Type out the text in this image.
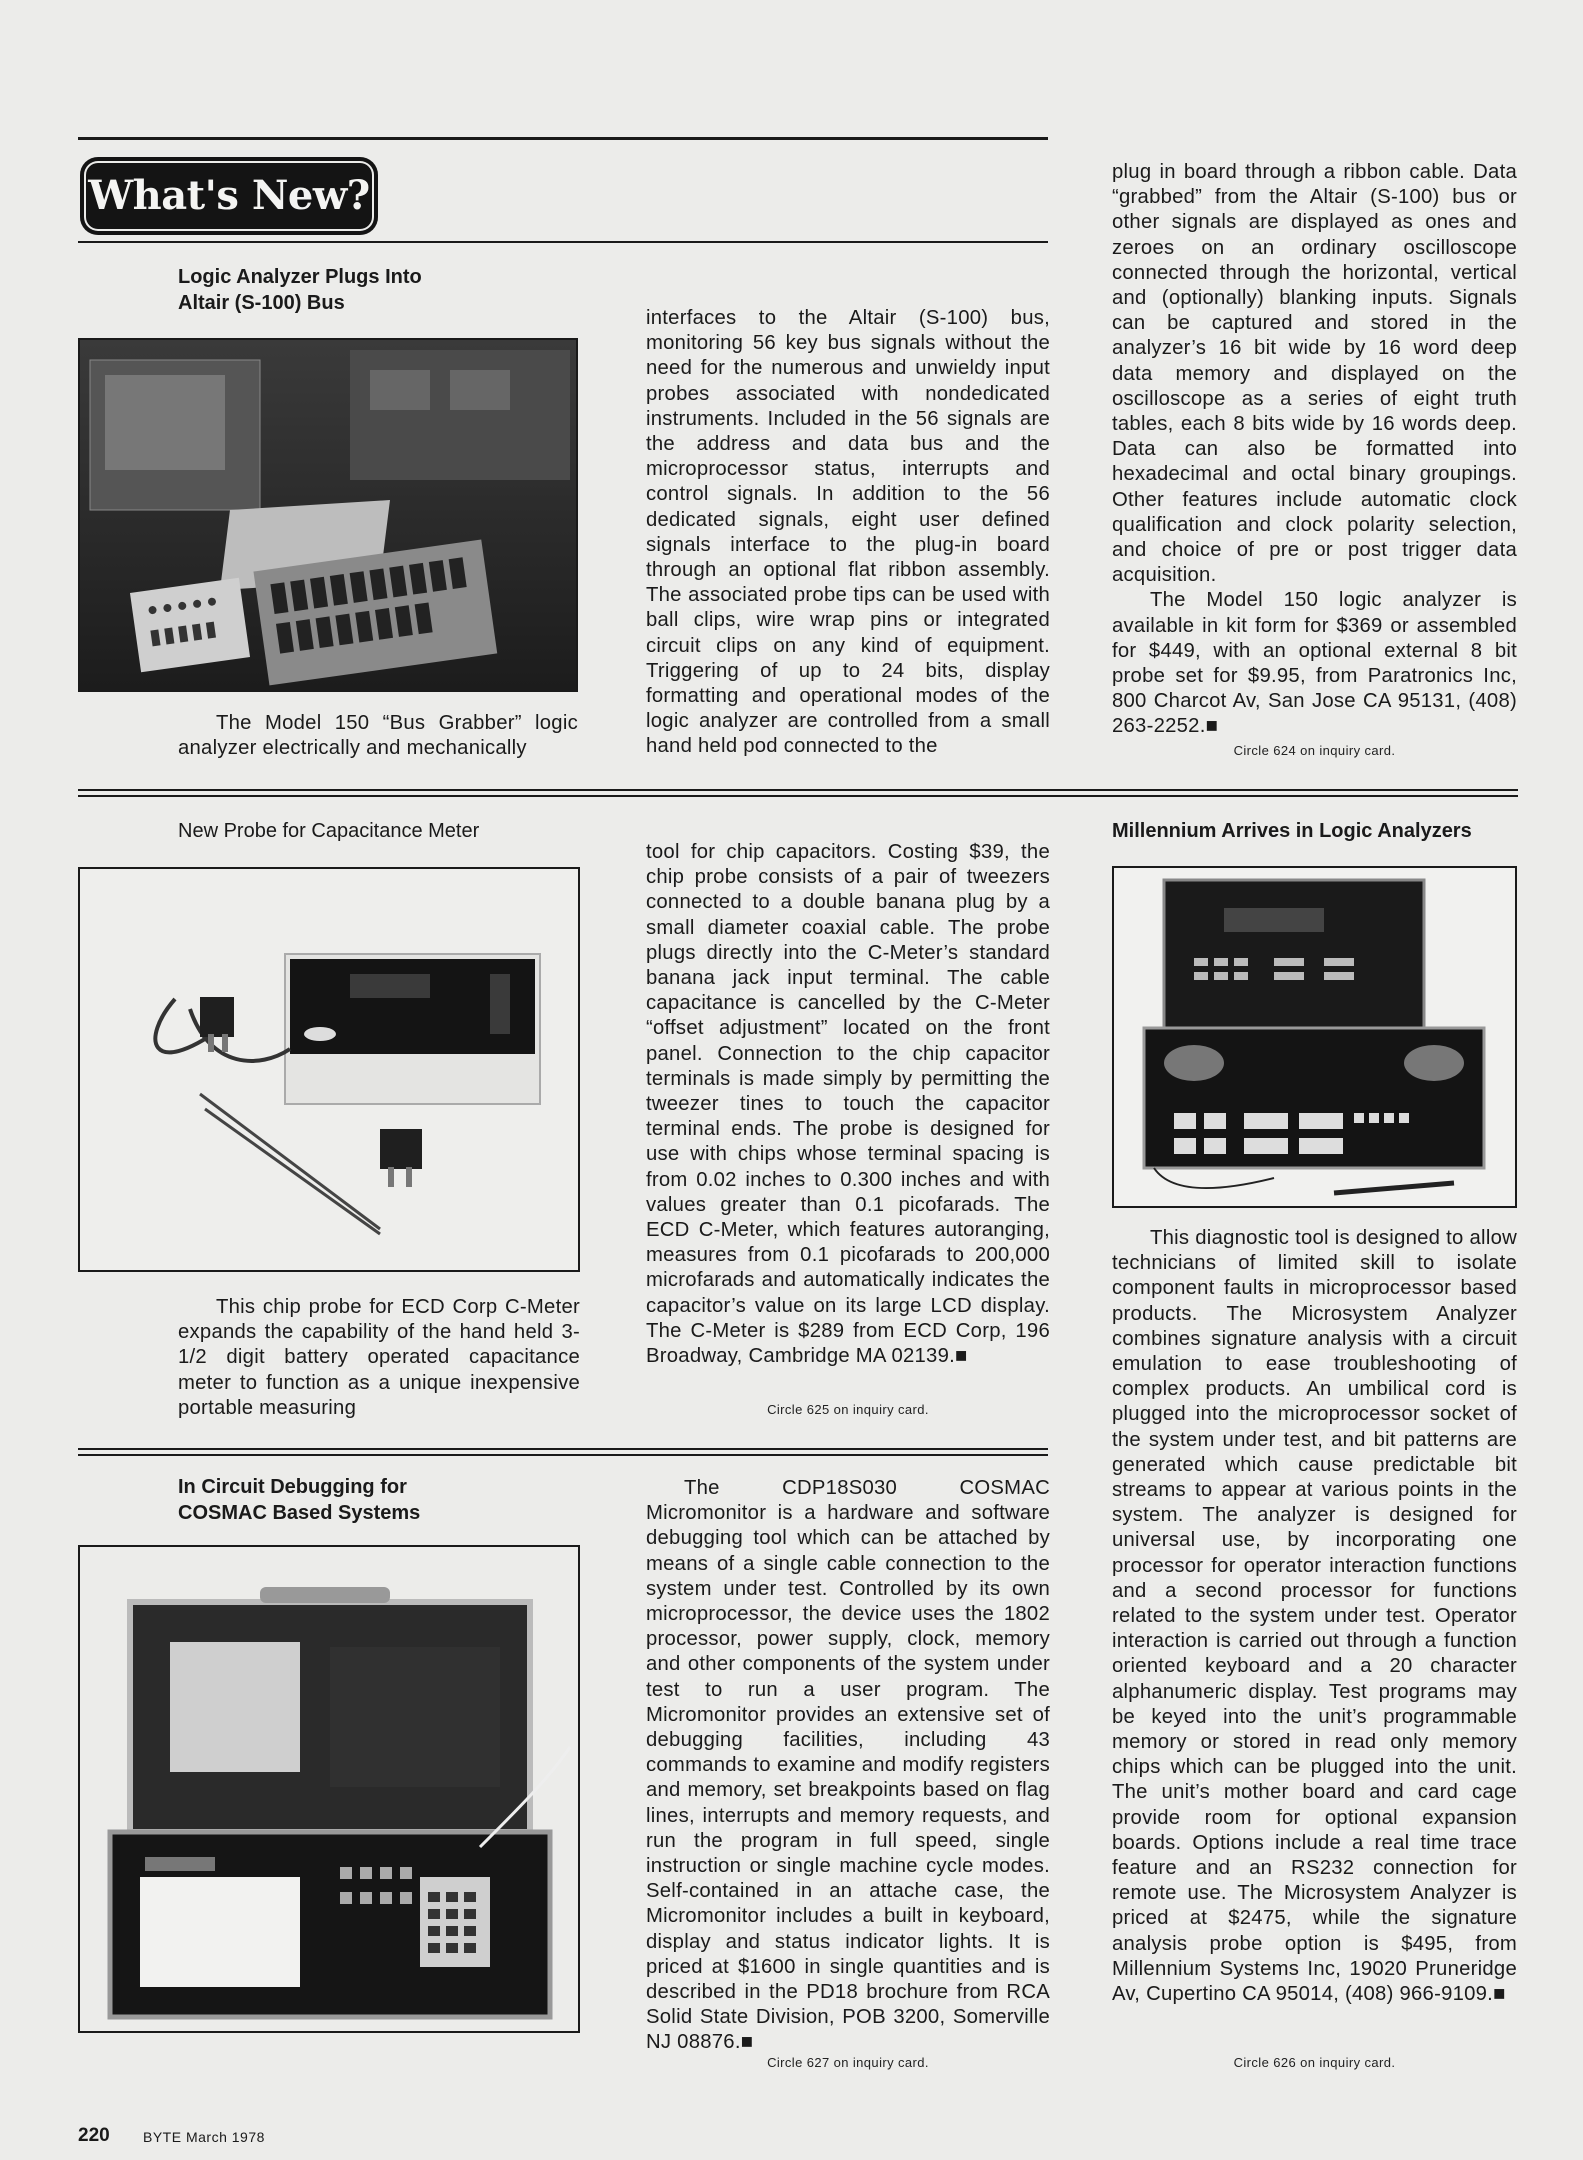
What's New?
Logic Analyzer Plugs Into
Altair (S-100) Bus

The Model 150 “Bus Grabber” logic analyzer electrically and mechanically

interfaces to the Altair (S-100) bus, monitoring 56 key bus signals without the need for the numerous and unwieldy input probes associated with nondedicated instruments. Included in the 56 signals are the address and data bus and the microprocessor status, interrupts and control signals. In addition to the 56 dedicated signals, eight user defined signals interface to the plug-in board through an optional flat ribbon assembly. The associated probe tips can be used with ball clips, wire wrap pins or integrated circuit clips on any kind of equipment. Triggering of up to 24 bits, display formatting and operational modes of the logic analyzer are controlled from a small hand held pod connected to the

plug in board through a ribbon cable. Data “grabbed” from the Altair (S-100) bus or other signals are displayed as ones and zeroes on an ordinary oscilloscope connected through the horizontal, vertical and (optionally) blanking inputs. Signals can be captured and stored in the analyzer’s 16 bit wide by 16 word deep data memory and displayed on the oscilloscope as a series of eight truth tables, each 8 bits wide by 16 words deep. Data can also be formatted into hexadecimal and octal binary groupings. Other features include automatic clock qualification and clock polarity selection, and choice of pre or post trigger data acquisition.

The Model 150 logic analyzer is available in kit form for $369 or assembled for $449, with an optional external 8 bit probe set for $9.95, from Paratronics Inc, 800 Charcot Av, San Jose CA 95131, (408) 263-2252.■

Circle 624 on inquiry card.
New Probe for Capacitance Meter

This chip probe for ECD Corp C-Meter expands the capability of the hand held 3-1/2 digit battery operated capacitance meter to function as a unique inexpensive portable measuring

tool for chip capacitors. Costing $39, the chip probe consists of a pair of tweezers connected to a double banana plug by a small diameter coaxial cable. The probe plugs directly into the C-Meter’s standard banana jack input terminal. The cable capacitance is cancelled by the C-Meter “offset adjustment” located on the front panel. Connection to the chip capacitor terminals is made simply by permitting the tweezer tines to touch the capacitor terminal ends. The probe is designed for use with chips whose terminal spacing is from 0.02 inches to 0.300 inches and with values greater than 0.1 picofarads. The ECD C-Meter, which features autoranging, measures from 0.1 picofarads to 200,000 microfarads and automatically indicates the capacitor’s value on its large LCD display. The C-Meter is $289 from ECD Corp, 196 Broadway, Cambridge MA 02139.■

Circle 625 on inquiry card.
Millennium Arrives in Logic Analyzers

This diagnostic tool is designed to allow technicians of limited skill to isolate component faults in microprocessor based products. The Microsystem Analyzer combines signature analysis with a circuit emulation to ease troubleshooting of complex products. An umbilical cord is plugged into the microprocessor socket of the system under test, and bit patterns are generated which cause predictable bit streams to appear at various points in the system. The analyzer is designed for universal use, by incorporating one processor for operator interaction functions and a second processor for functions related to the system under test. Operator interaction is carried out through a function oriented keyboard and a 20 character alphanumeric display. Test programs may be keyed into the unit’s programmable memory or stored in read only memory chips which can be plugged into the unit. The unit’s mother board and card cage provide room for optional expansion boards. Options include a real time trace feature and an RS232 connection for remote use. The Microsystem Analyzer is priced at $2475, while the signature analysis probe option is $495, from Millennium Systems Inc, 19020 Pruneridge Av, Cupertino CA 95014, (408) 966-9109.■

Circle 626 on inquiry card.
In Circuit Debugging for
COSMAC Based Systems

The CDP18S030 COSMAC Micromonitor is a hardware and software debugging tool which can be attached by means of a single cable connection to the system under test. Controlled by its own microprocessor, the device uses the 1802 processor, power supply, clock, memory and other components of the system under test to run a user program. The Micromonitor provides an extensive set of debugging facilities, including 43 commands to examine and modify registers and memory, set breakpoints based on flag lines, interrupts and memory requests, and run the program in full speed, single instruction or single machine cycle modes. Self-contained in an attache case, the Micromonitor includes a built in keyboard, display and status indicator lights. It is priced at $1600 in single quantities and is described in the PD18 brochure from RCA Solid State Division, POB 3200, Somerville NJ 08876.■

Circle 627 on inquiry card.
220 BYTE March 1978
